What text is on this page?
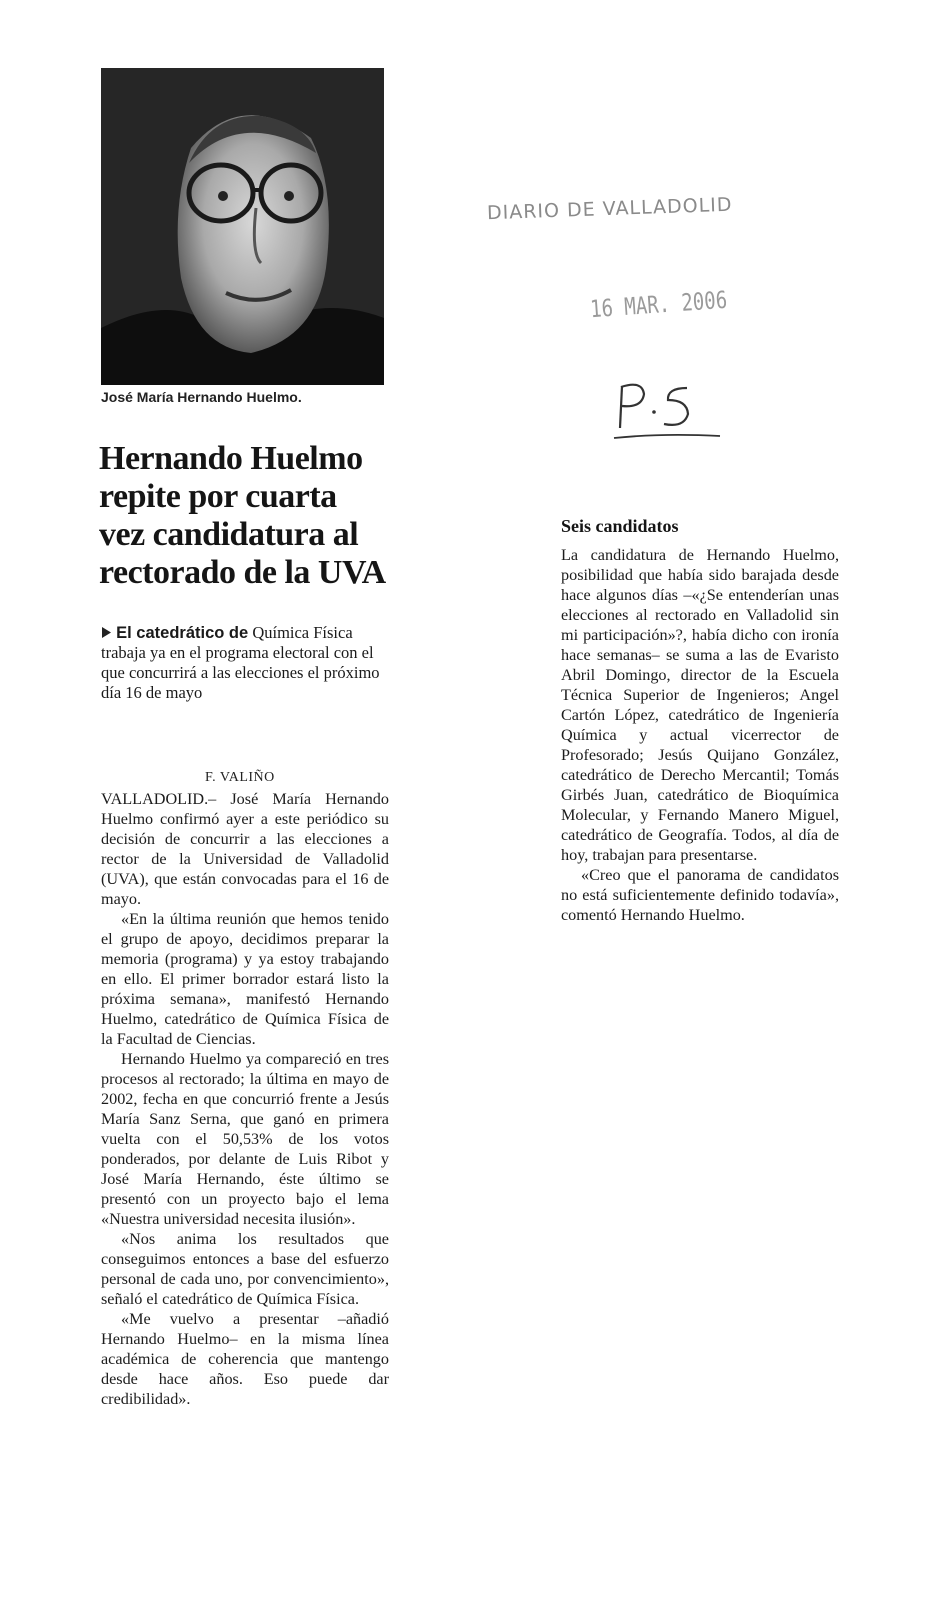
José María Hernando Huelmo.
Hernando Huelmo repite por cuarta vez candidatura al rectorado de la UVA

El catedrático de Química Física trabaja ya en el programa electoral con el que concurrirá a las elecciones el próximo día 16 de mayo

F. VALIÑO

VALLADOLID.– José María Hernando Huelmo confirmó ayer a este periódico su decisión de concurrir a las elecciones a rector de la Universidad de Valladolid (UVA), que están convocadas para el 16 de mayo.

«En la última reunión que hemos tenido el grupo de apoyo, decidimos preparar la memoria (programa) y ya estoy trabajando en ello. El primer borrador estará listo la próxima semana», manifestó Hernando Huelmo, catedrático de Química Física de la Facultad de Ciencias.

Hernando Huelmo ya compareció en tres procesos al rectorado; la última en mayo de 2002, fecha en que concurrió frente a Jesús María Sanz Serna, que ganó en primera vuelta con el 50,53% de los votos ponderados, por delante de Luis Ribot y José María Hernando, éste último se presentó con un proyecto bajo el lema «Nuestra universidad necesita ilusión».

«Nos anima los resultados que conseguimos entonces a base del esfuerzo personal de cada uno, por convencimiento», señaló el catedrático de Química Física.

«Me vuelvo a presentar –añadió Hernando Huelmo– en la misma línea académica de coherencia que mantengo desde hace años. Eso puede dar credibilidad».

Seis candidatos

La candidatura de Hernando Huelmo, posibilidad que había sido barajada desde hace algunos días –«¿Se entenderían unas elecciones al rectorado en Valladolid sin mi participación»?, había dicho con ironía hace semanas– se suma a las de Evaristo Abril Domingo, director de la Escuela Técnica Superior de Ingenieros; Angel Cartón López, catedrático de Ingeniería Química y actual vicerrector de Profesorado; Jesús Quijano González, catedrático de Derecho Mercantil; Tomás Girbés Juan, catedrático de Bioquímica Molecular, y Fernando Manero Miguel, catedrático de Geografía. Todos, al día de hoy, trabajan para presentarse.

«Creo que el panorama de candidatos no está suficientemente definido todavía», comentó Hernando Huelmo.

DIARIO DE VALLADOLID
16 MAR. 2006
